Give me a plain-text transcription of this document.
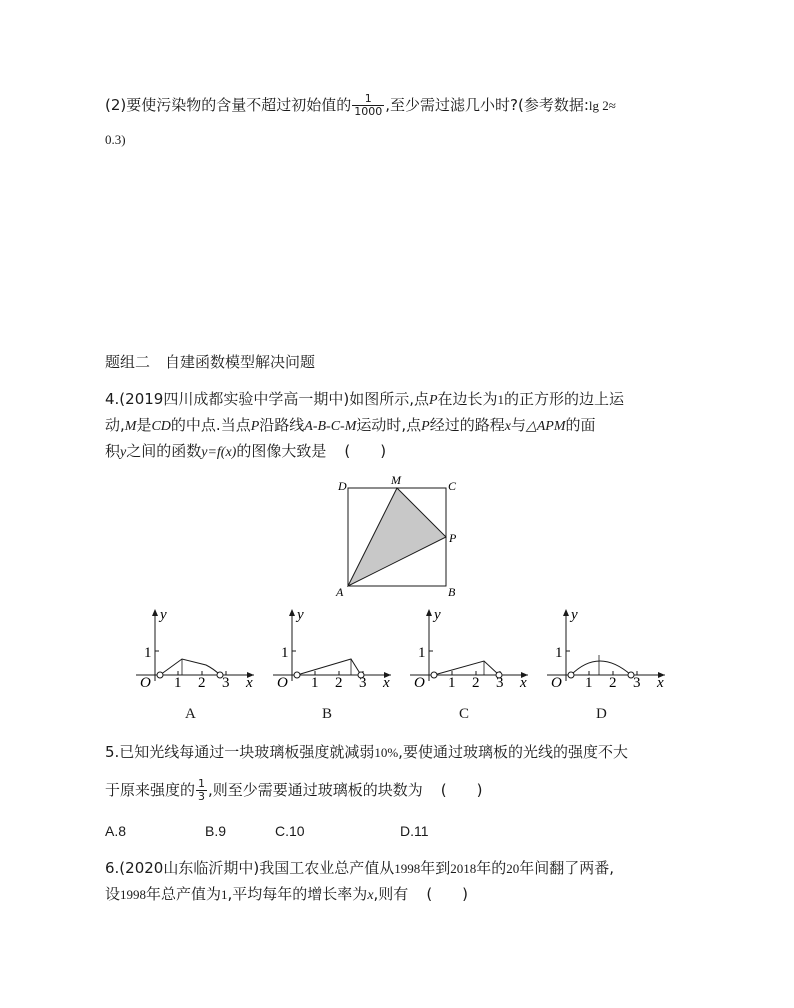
(2)要使污染物的含量不超过初始值的 $\frac{1}{1000}$ ,至少需过滤几小时?(参考数据:lg 2≈
0.3)
题组二　自建函数模型解决问题
4.(2019四川成都实验中学高一期中)如图所示,点P在边长为1的正方形的边上运
动,M是CD的中点.当点P沿路线A-B-C-M运动时,点P经过的路程x与△APM的面
积y之间的函数y=f(x)的图像大致是 (　　)
D	M	C
P
A	B
y
x
O
1
1 2 3
A
y
x
O
1
1 2 3
B
y
x
O
1
1 2 3
C
y
x
O
1
1 2 3
D
5.已知光线每通过一块玻璃板强度就减弱10%,要使通过玻璃板的光线的强度不大
于原来强度的 $\frac{1}{3}$ ,则至少需要通过玻璃板的块数为 (　　)
A.8	B.9	C.10	D.11
6.(2020山东临沂期中)我国工农业总产值从1998年到2018年的20年间翻了两番,
设1998年总产值为1,平均每年的增长率为x,则有 (　　)
